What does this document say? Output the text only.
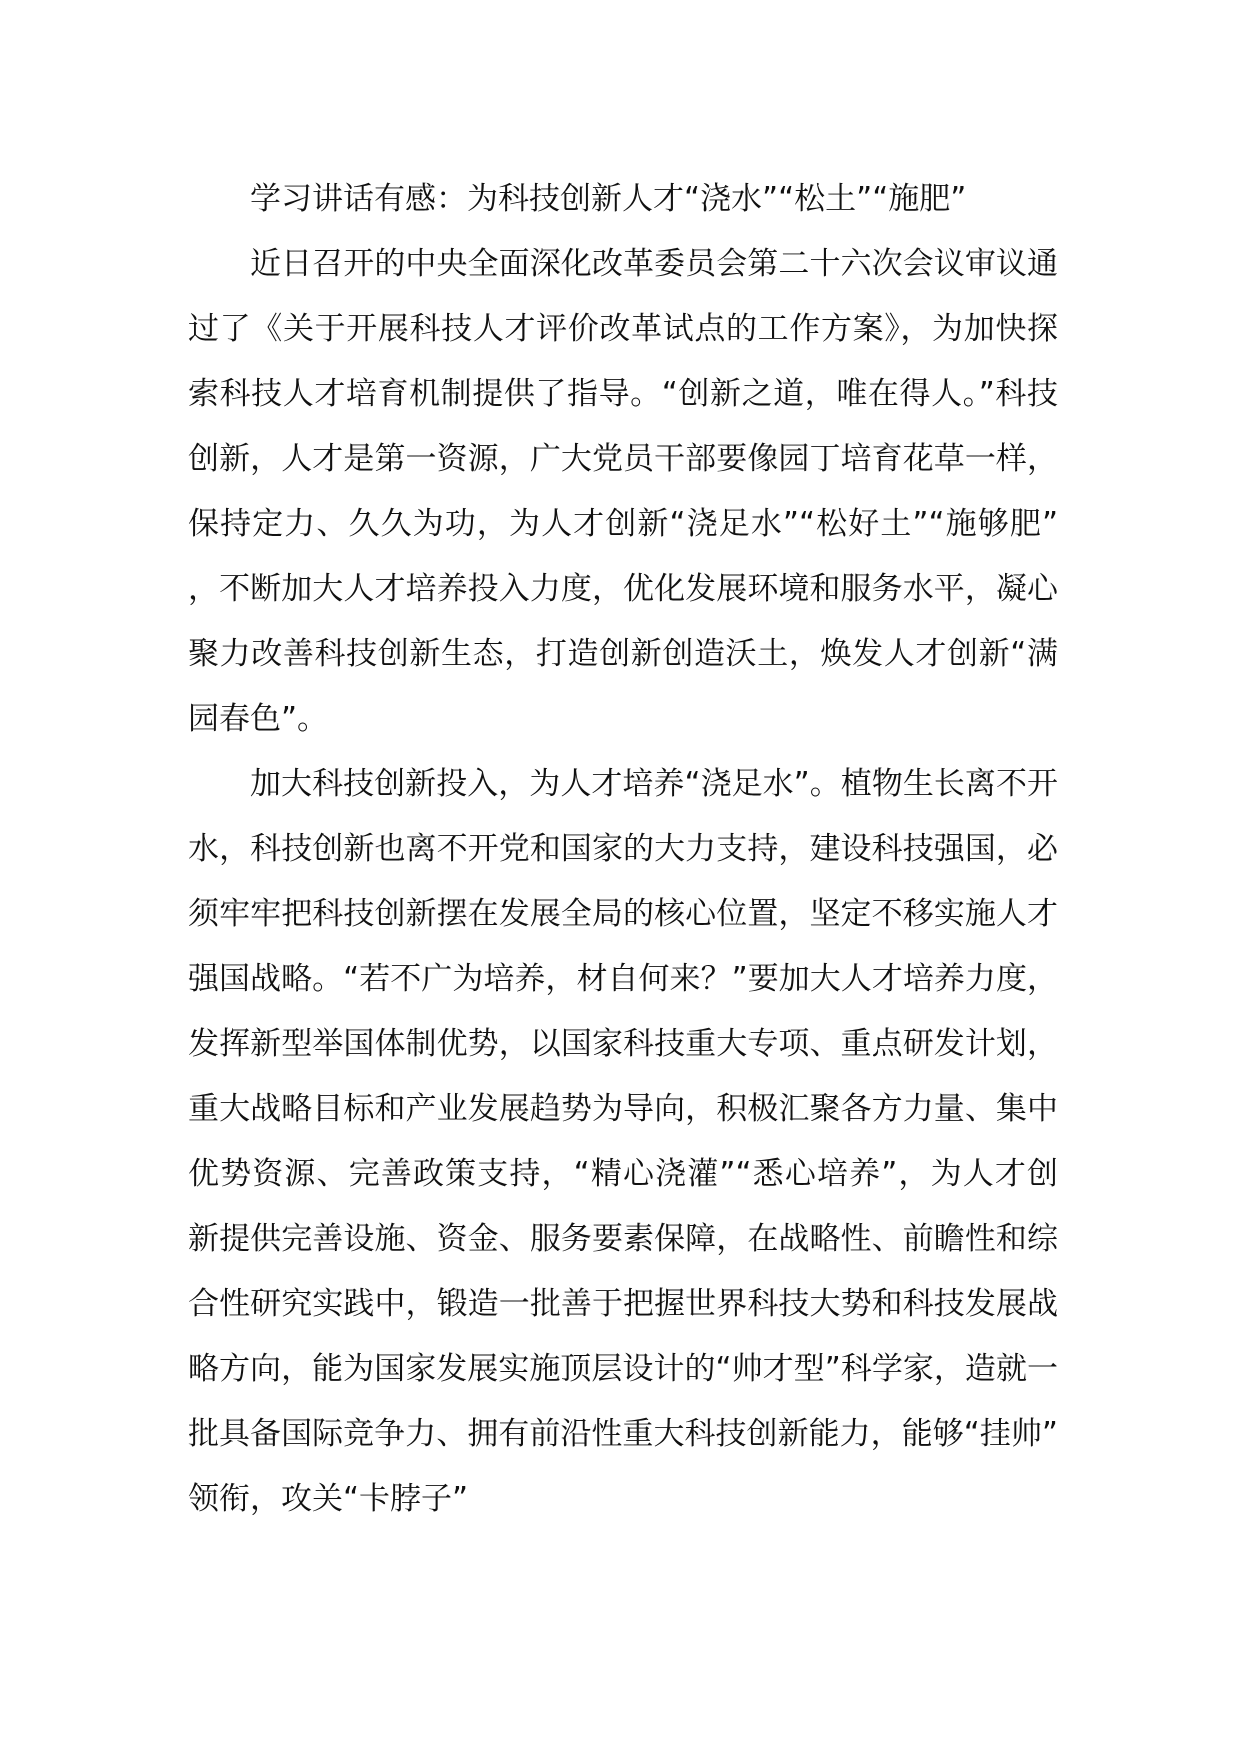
学习讲话有感：为科技创新人才“浇水”“松土”“施肥”

近日召开的中央全面深化改革委员会第二十六次会议审议通过了《关于开展科技人才评价改革试点的工作方案》，为加快探索科技人才培育机制提供了指导。“创新之道，唯在得人。”科技创新，人才是第一资源，广大党员干部要像园丁培育花草一样，保持定力、久久为功，为人才创新“浇足水”“松好土”“施够肥”，不断加大人才培养投入力度，优化发展环境和服务水平，凝心聚力改善科技创新生态，打造创新创造沃土，焕发人才创新“满园春色”。

加大科技创新投入，为人才培养“浇足水”。植物生长离不开水，科技创新也离不开党和国家的大力支持，建设科技强国，必须牢牢把科技创新摆在发展全局的核心位置，坚定不移实施人才强国战略。“若不广为培养，材自何来？”要加大人才培养力度，发挥新型举国体制优势，以国家科技重大专项、重点研发计划，重大战略目标和产业发展趋势为导向，积极汇聚各方力量、集中优势资源、完善政策支持，“精心浇灌”“悉心培养”，为人才创新提供完善设施、资金、服务要素保障，在战略性、前瞻性和综合性研究实践中，锻造一批善于把握世界科技大势和科技发展战略方向，能为国家发展实施顶层设计的“帅才型”科学家，造就一批具备国际竞争力、拥有前沿性重大科技创新能力，能够“挂帅”领衔，攻关“卡脖子”
